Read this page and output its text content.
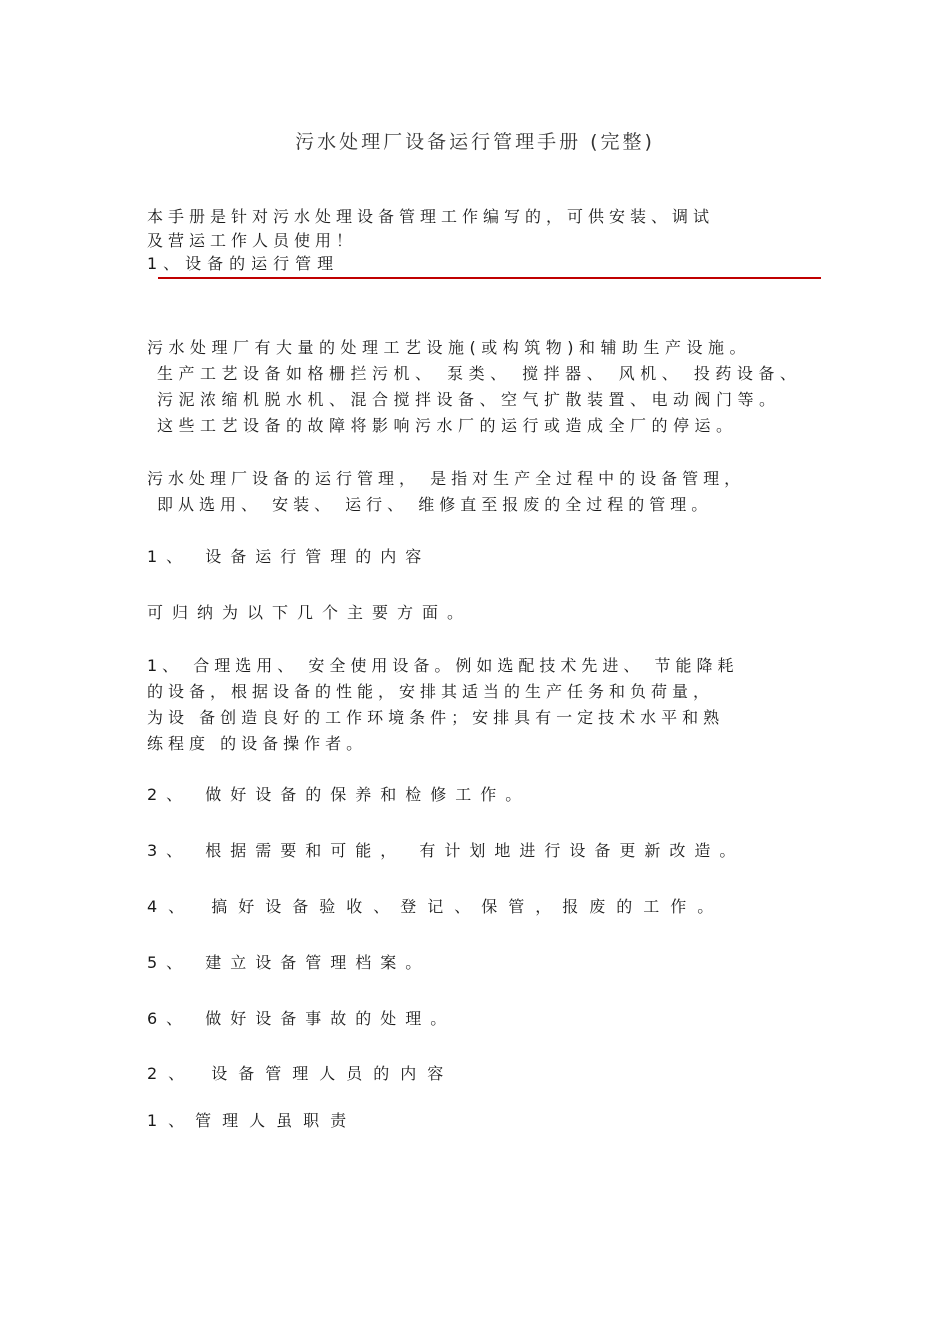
污水处理厂设备运行管理手册 (完整)
本手册是针对污水处理设备管理工作编写的，可供安装、调试
及营运工作人员使用！
1、设备的运行管理
污水处理厂有大量的处理工艺设施(或构筑物)和辅助生产设施。
生产工艺设备如格栅拦污机、 泵类、 搅拌器、 风机、 投药设备、
污泥浓缩机脱水机、混合搅拌设备、空气扩散装置、电动阀门等。
这些工艺设备的故障将影响污水厂的运行或造成全厂的停运。
污水处理厂设备的运行管理， 是指对生产全过程中的设备管理，
即从选用、 安装、 运行、 维修直至报废的全过程的管理。
1、 设备运行管理的内容
可归纳为以下几个主要方面。
1、 合理选用、 安全使用设备。例如选配技术先进、 节能降耗
的设备，根据设备的性能，安排其适当的生产任务和负荷量，
为设 备创造良好的工作环境条件；安排具有一定技术水平和熟
练程度 的设备操作者。
2、 做好设备的保养和检修工作。
3、 根据需要和可能， 有计划地进行设备更新改造。
4、 搞好设备验收、登记、保管，报废的工作。
5、 建立设备管理档案。
6、 做好设备事故的处理。
2、 设备管理人员的内容
1、管理人虽职责
